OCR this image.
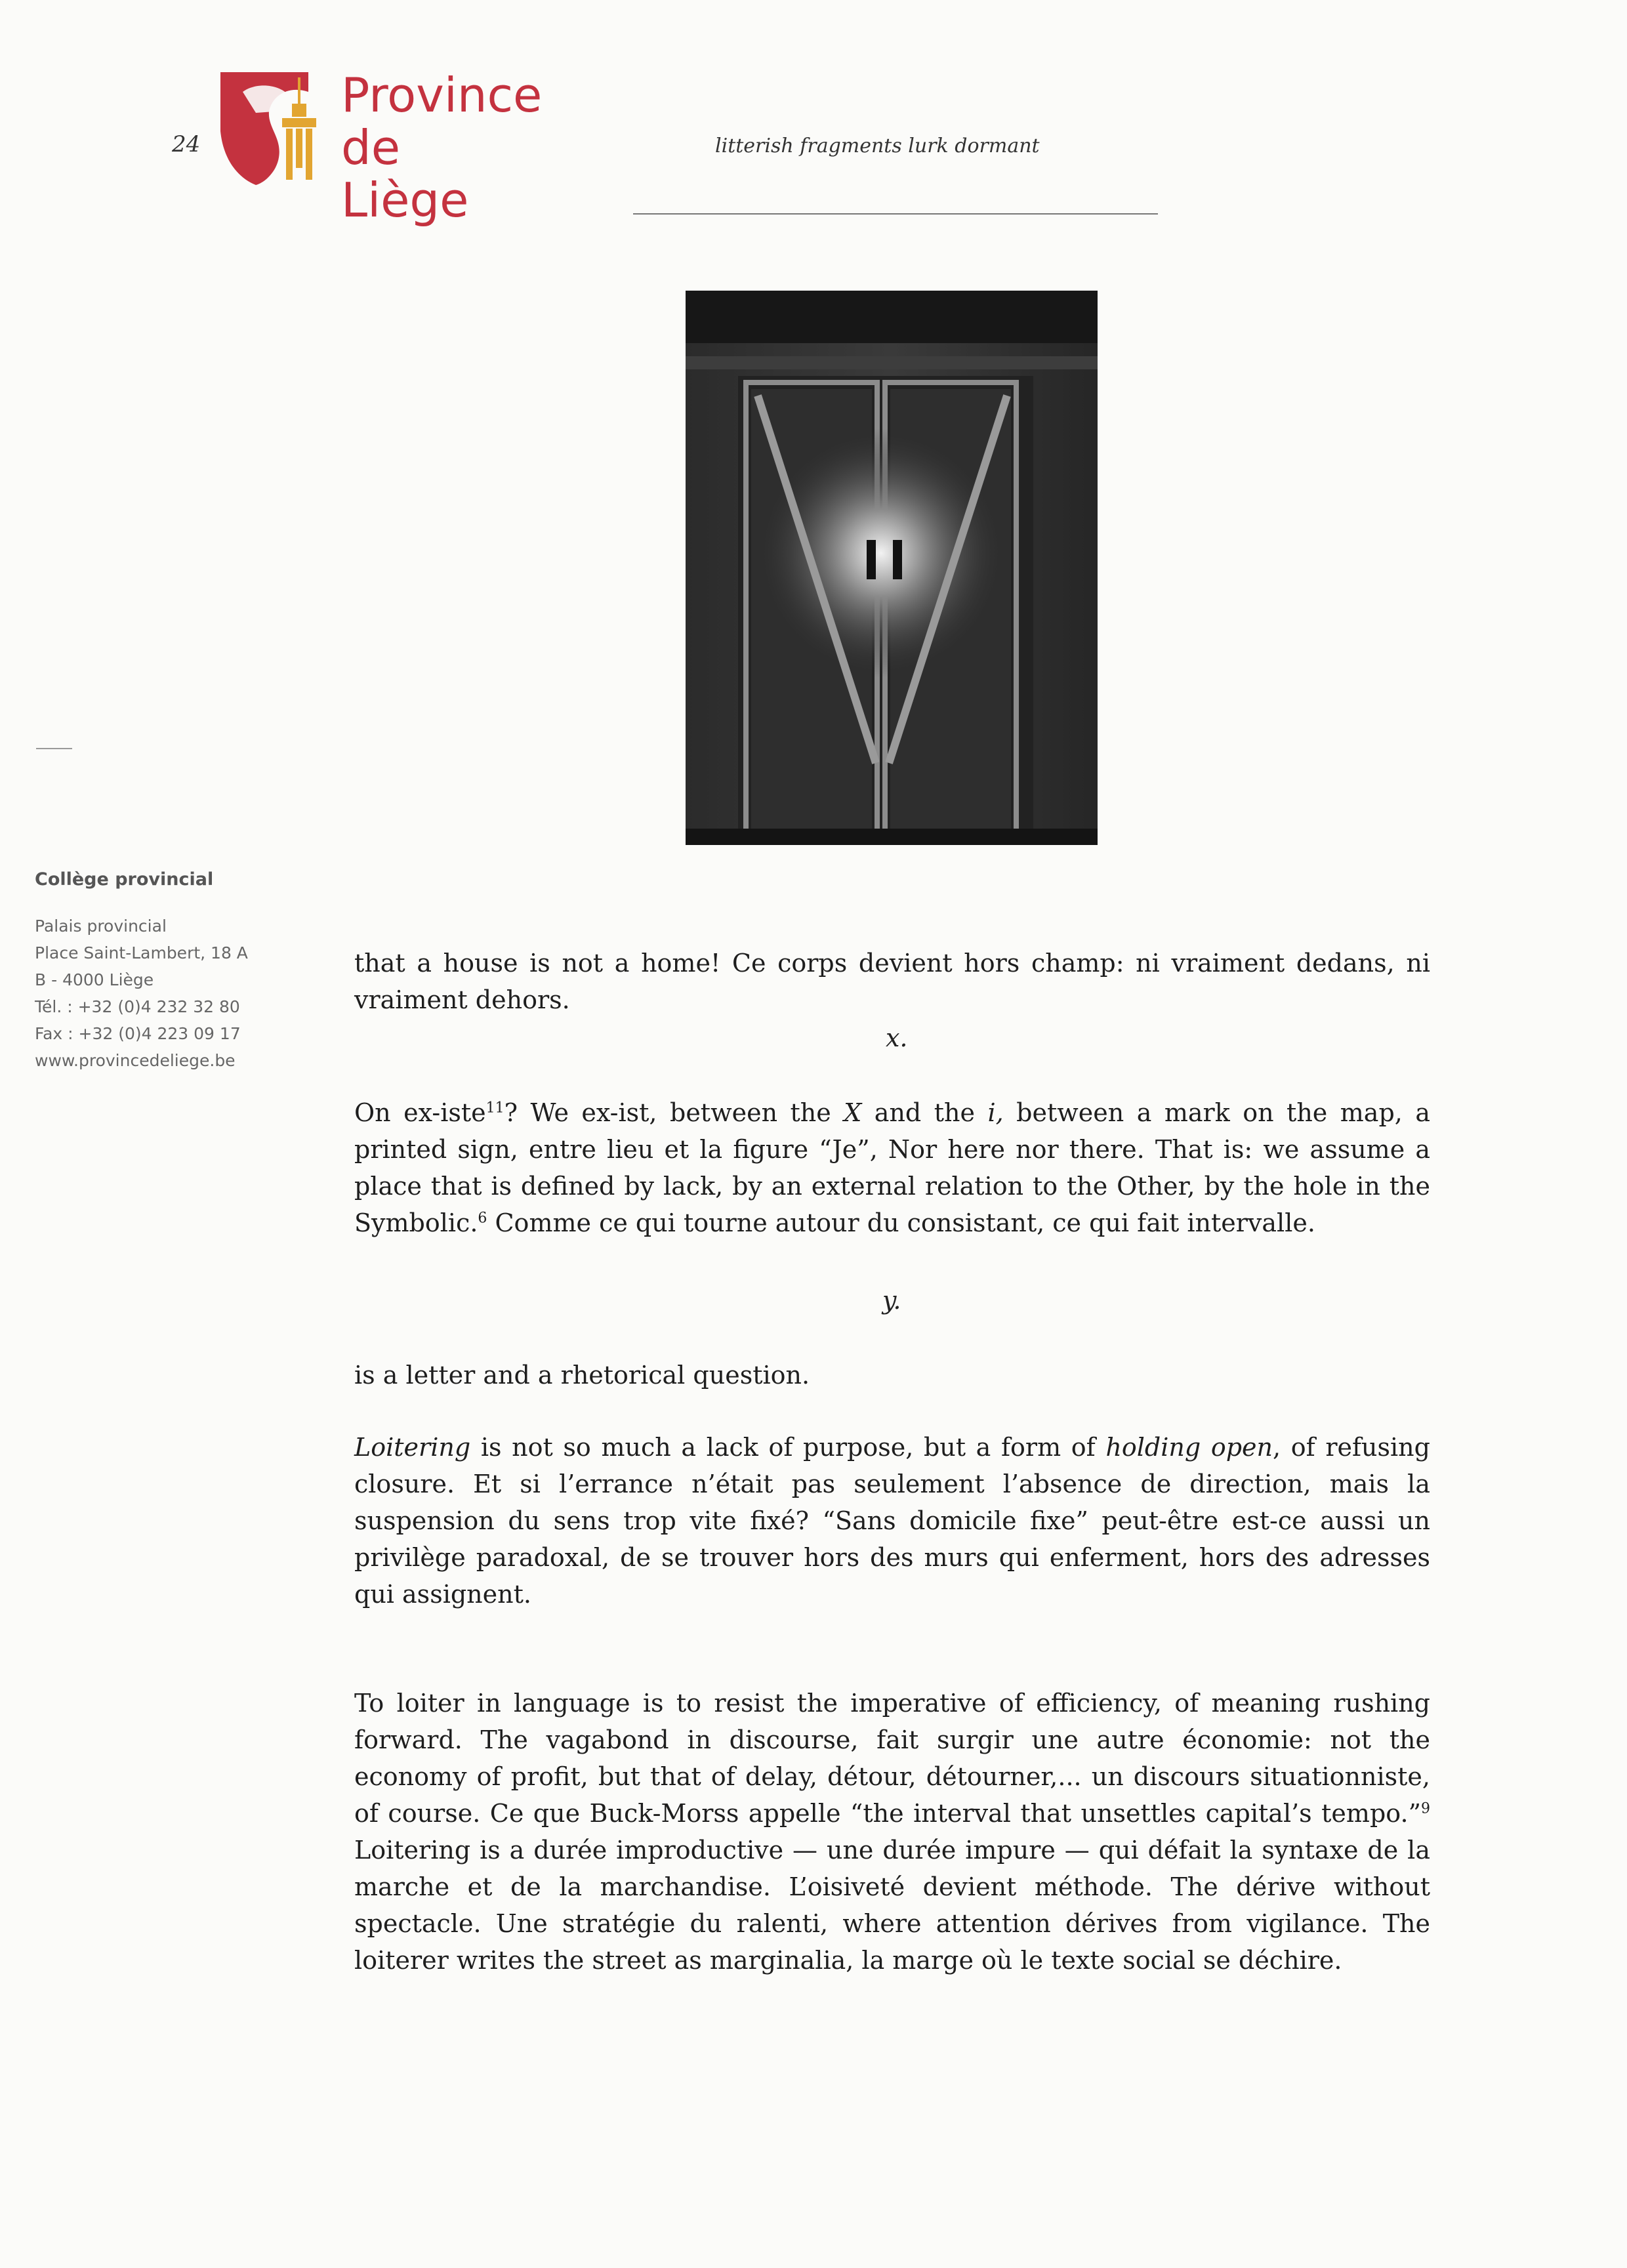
24
Province
de Liège
litterish fragments lurk dormant
Collège provincial
Palais provincial
Place Saint-Lambert, 18 A
B - 4000 Liège
Tél. : +32 (0)4 232 32 80
Fax : +32 (0)4 223 09 17
www.provincedeliege.be
that a house is not a home! Ce corps devient hors champ: ni vraiment dedans, ni vraiment dehors.
x.
On ex-iste$^{11}$? We ex-ist, between the X and the i, between a mark on the map, a printed sign, entre lieu et la figure “Je”, Nor here nor there. That is: we assume a place that is defined by lack, by an external relation to the Other, by the hole in the Symbolic.$^6$ Comme ce qui tourne autour du consistant, ce qui fait intervalle.
y.
is a letter and a rhetorical question.
Loitering is not so much a lack of purpose, but a form of holding open, of refusing closure. Et si l’errance n’était pas seulement l’absence de direction, mais la suspension du sens trop vite fixé? “Sans domicile fixe” peut-être est-ce aussi un privilège paradoxal, de se trouver hors des murs qui enferment, hors des adresses qui assignent.
To loiter in language is to resist the imperative of efficiency, of meaning rushing forward. The vagabond in discourse, fait surgir une autre économie: not the economy of profit, but that of delay, détour, détourner,... un discours situationniste, of course. Ce que Buck-Morss appelle “the interval that unsettles capital’s tempo.”$^9$ Loitering is a durée improductive — une durée impure — qui défait la syntaxe de la marche et de la marchandise. L’oisiveté devient méthode. The dérive without spectacle. Une stratégie du ralenti, where attention dérives from vigilance. The loiterer writes the street as marginalia, la marge où le texte social se déchire.
